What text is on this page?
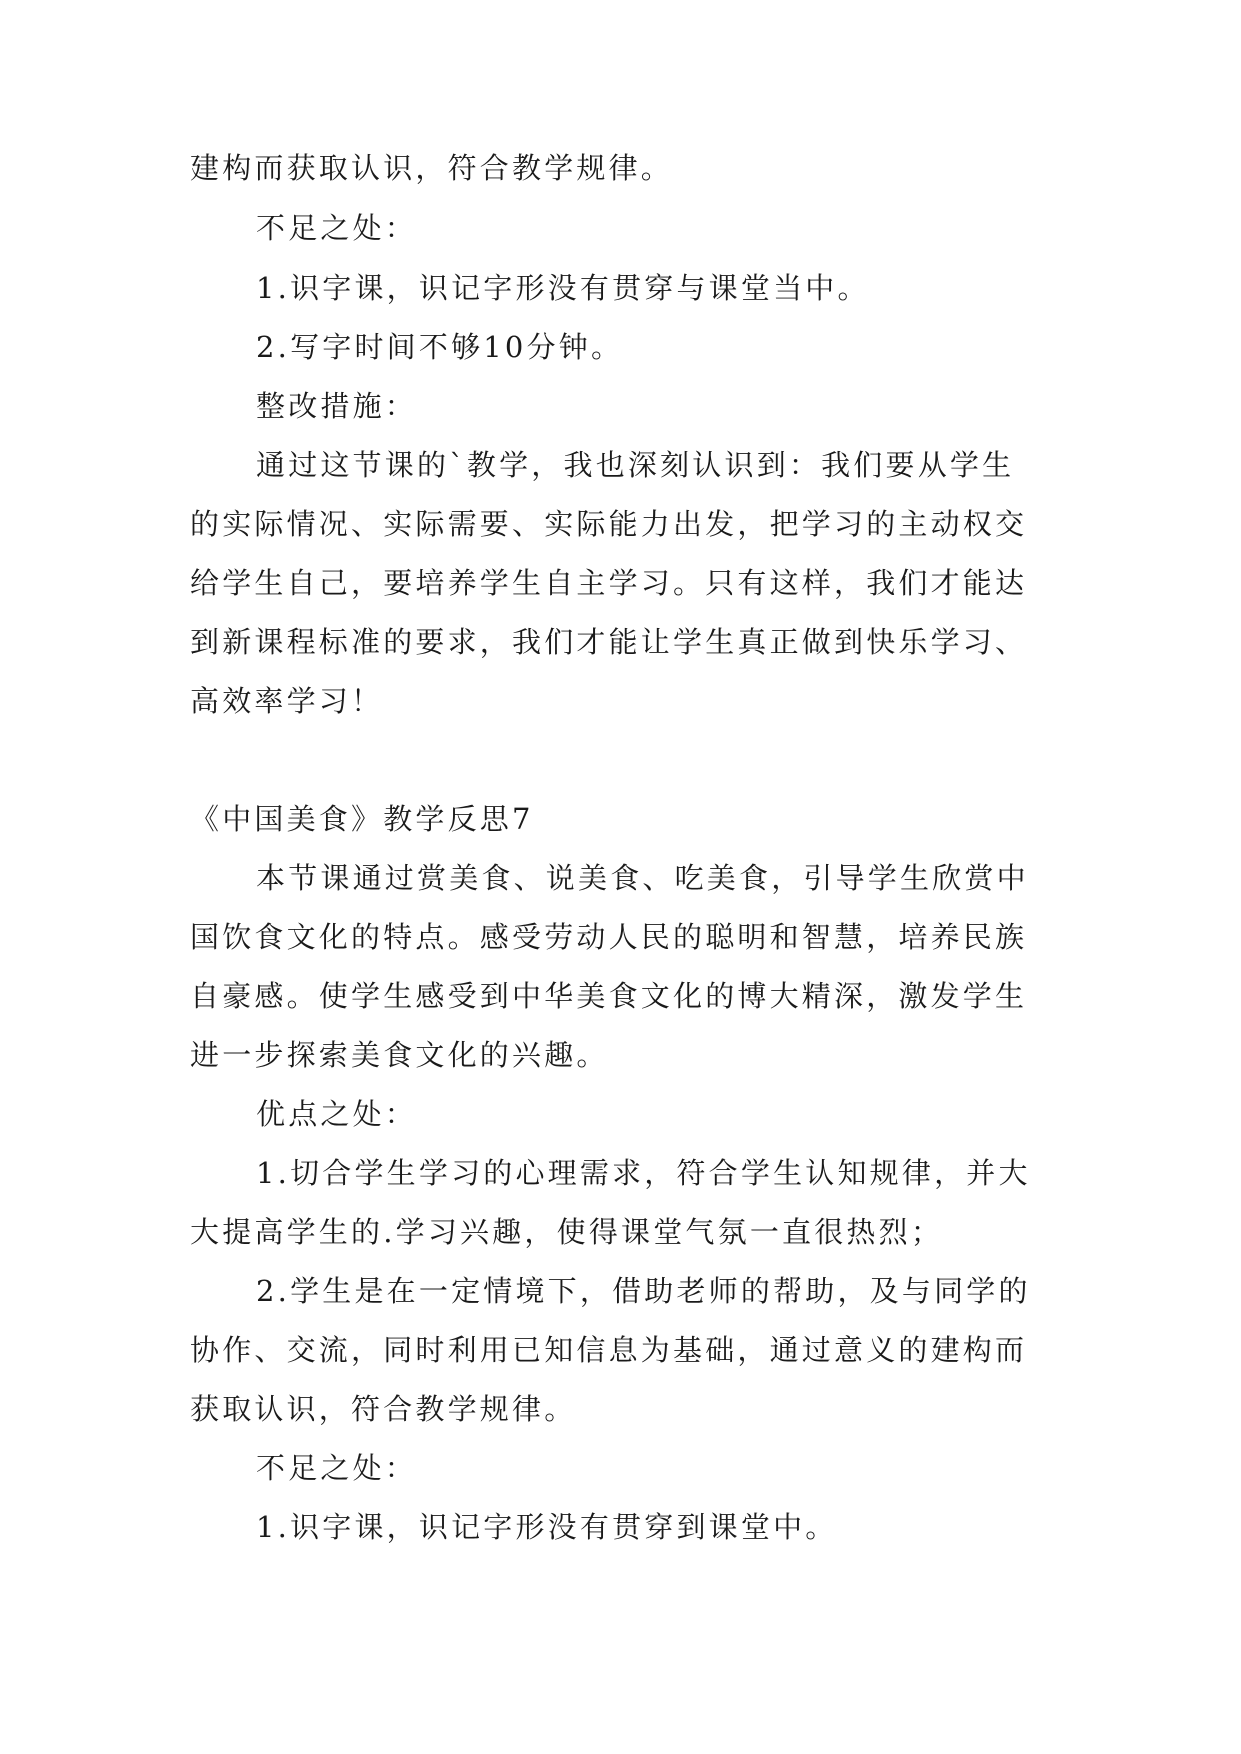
建构而获取认识，符合教学规律。
不足之处：
1.识字课，识记字形没有贯穿与课堂当中。
2.写字时间不够10分钟。
整改措施：
通过这节课的`教学，我也深刻认识到：我们要从学生
的实际情况、实际需要、实际能力出发，把学习的主动权交
给学生自己，要培养学生自主学习。只有这样，我们才能达
到新课程标准的要求，我们才能让学生真正做到快乐学习、
高效率学习！
《中国美食》教学反思7
本节课通过赏美食、说美食、吃美食，引导学生欣赏中
国饮食文化的特点。感受劳动人民的聪明和智慧，培养民族
自豪感。使学生感受到中华美食文化的博大精深，激发学生
进一步探索美食文化的兴趣。
优点之处：
1.切合学生学习的心理需求，符合学生认知规律，并大
大提高学生的.学习兴趣，使得课堂气氛一直很热烈；
2.学生是在一定情境下，借助老师的帮助，及与同学的
协作、交流，同时利用已知信息为基础，通过意义的建构而
获取认识，符合教学规律。
不足之处：
1.识字课，识记字形没有贯穿到课堂中。
